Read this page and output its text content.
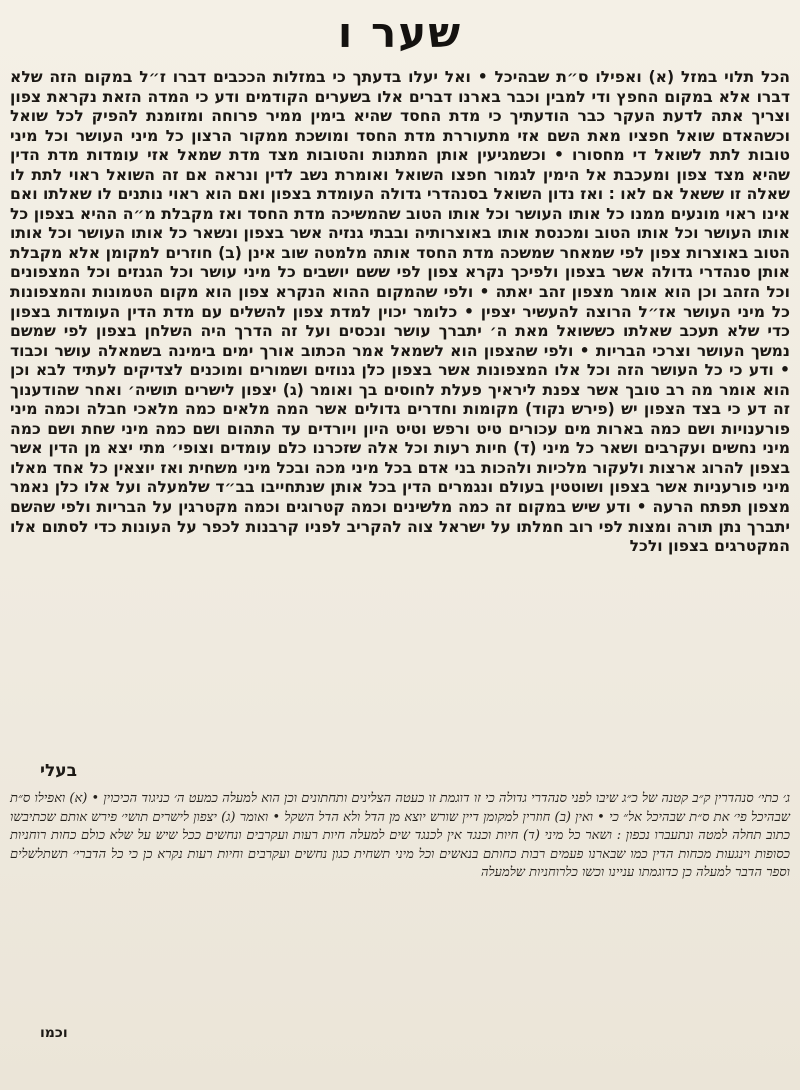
שער ו
הכל תלוי במזל (א) ואפילו ס״ת שבהיכל • ואל יעלו בדעתך כי במזלות הככבים דברו ז״ל במקום הזה שלא דברו אלא במקום החפץ ודי למבין וכבר בארנו דברים אלו בשערים הקודמים ודע כי המדה הזאת נקראת צפון וצריך אתה לדעת העקר כבר הודעתיך כי מדת החסד שהיא בימין ממיר פרוחה ומזומנת להפיק לכל שואל וכשהאדם שואל חפציו מאת השם אזי מתעוררת מדת החסד ומושכת ממקור הרצון כל מיני העושר וכל מיני טובות לתת לשואל די מחסורו • וכשמגיעין אותן המתנות והטובות מצד מדת שמאל אזי עומדות מדת הדין שהיא מצד צפון ומעכבת אל הימין לגמור חפצו השואל ואומרת נשב לדין ונראה אם זה השואל ראוי לתת לו שאלה זו ששאל אם לאו : ואז נדון השואל בסנהדרי גדולה העומדת בצפון ואם הוא ראוי נותנים לו שאלתו ואם אינו ראוי מונעים ממנו כל אותו העושר וכל אותו הטוב שהמשיכה מדת החסד ואז מקבלת מ״ה ההיא בצפון כל אותו העושר וכל אותו הטוב ומכנסת אותו באוצרותיה ובבתי גנזיה אשר בצפון ונשאר כל אותו העושר וכל אותו הטוב באוצרות צפון לפי שמאחר שמשכה מדת החסד אותה מלמטה שוב אינן (ב) חוזרים למקומן אלא מקבלת אותן סנהדרי גדולה אשר בצפון ולפיכך נקרא צפון לפי ששם יושבים כל מיני עושר וכל הגנזים וכל המצפונים וכל הזהב וכן הוא אומר מצפון זהב יאתה • ולפי שהמקום ההוא הנקרא צפון הוא מקום הטמונות והמצפונות כל מיני העושר אז״ל הרוצה להעשיר יצפין • כלומר יכוין למדת צפון להשלים עם מדת הדין העומדות בצפון כדי שלא תעכב שאלתו כששואל מאת ה׳ יתברך עושר ונכסים ועל זה הדרך היה השלחן בצפון לפי שמשם נמשך העושר וצרכי הבריות • ולפי שהצפון הוא לשמאל אמר הכתוב אורך ימים בימינה בשמאלה עושר וכבוד • ודע כי כל העושר הזה וכל אלו המצפונות אשר בצפון כלן גנוזים ושמורים ומוכנים לצדיקים לעתיד לבא וכן הוא אומר מה רב טובך אשר צפנת ליראיך פעלת לחוסים בך ואומר (ג) יצפון לישרים תושיה׳ ואחר שהודענוך זה דע כי בצד הצפון יש (פירש נקוד) מקומות וחדרים גדולים אשר המה מלאים כמה מלאכי חבלה וכמה מיני פורענויות ושם כמה בארות מים עכורים טיט ורפש וטיט היון ויורדים עד התהום ושם כמה מיני שחת ושם כמה מיני נחשים ועקרבים ושאר כל מיני (ד) חיות רעות וכל אלה שזכרנו כלם עומדים וצופי׳ מתי יצא מן הדין אשר בצפון להרוג ארצות ולעקור מלכיות ולהכות בני אדם בכל מיני מכה ובכל מיני משחית ואז יוצאין כל אחד מאלו מיני פורעניות אשר בצפון ושוטטין בעולם ונגמרים הדין בכל אותן שנתחייבו בב״ד שלמעלה ועל אלו כלן נאמר מצפון תפתח הרעה • ודע שיש במקום זה כמה מלשינים וכמה קטרוגים וכמה מקטרגין על הבריות ולפי שהשם יתברך נתן תורה ומצות לפי רוב חמלתו על ישראל צוה להקריב לפניו קרבנות לכפר על העונות כדי לסתום אלו המקטרגים בצפון ולכל
בעלי
ג׳ כתי׳ סנהדרין ק״ב קטנה של כ״ג שיבו לפני סנהדרי גדולה כי זו דוגמת זו כעטה הצלינים ותחתונים וכן הוא למעלה כמעט ה׳ כניגוד הכיכוין • (א) ואפילו ס״ת שבהיכל פי׳ את ס״ת שבהיכל אל״ כי • ואין (ב) חוזרין למקומן דיין שורש יוצא מן הדל ולא הדל השקל • ואומר (ג) יצפון לישרים תושי׳ פירש אותם שכתיבשו כתוב תחלה למטה ונתעברו נכפון : ושאר כל מיני (ד) חיות וכנגד אין לכנגד שים למעלה חיות רעות ועקרבים ונחשים ככל שיש על שלא כולם כחות רוחניות כסופות וינגעות מכחות הדין כמו שבארנו פעמים רבות כחותם בנאשים וכל מיני תשחית כגון נחשים ועקרבים וחיות רעות נקרא כן כי כל הדברי׳ תשתלשלים וספר הדבר למעלה כן כדוגמתו עניינו וכשו כלרוחניות שלמעלה
וכמו
